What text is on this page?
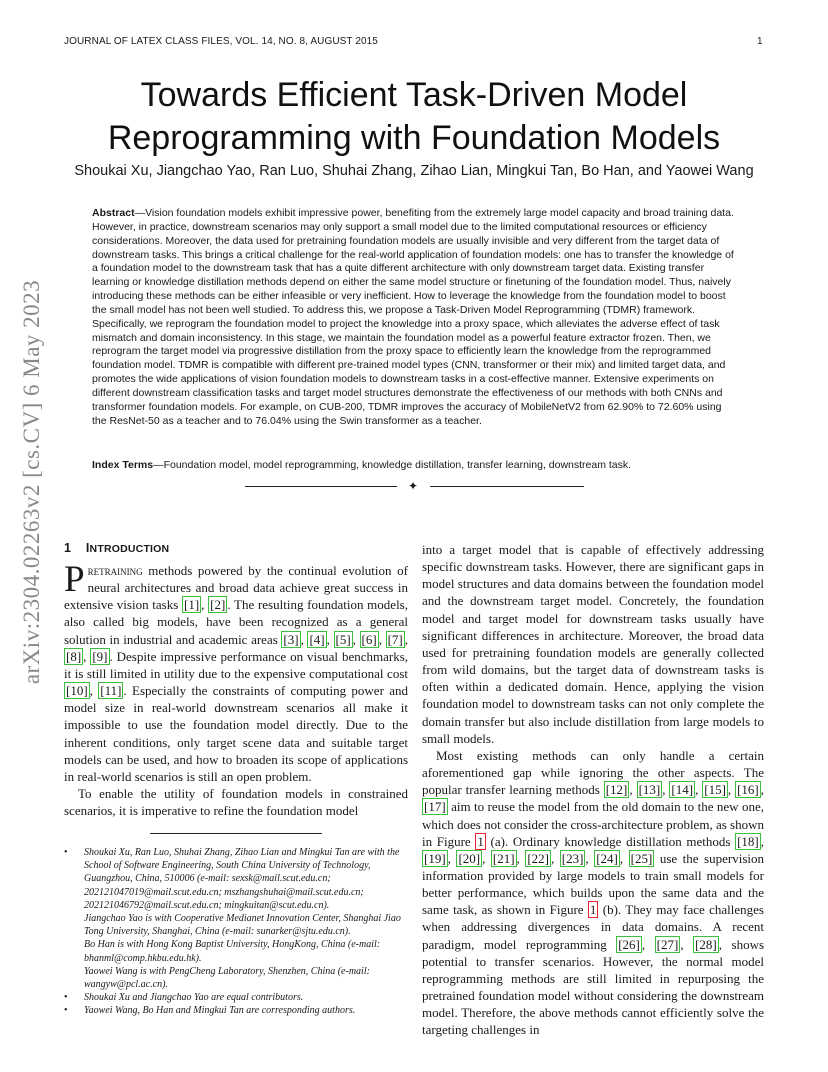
JOURNAL OF LATEX CLASS FILES, VOL. 14, NO. 8, AUGUST 2015	1
arXiv:2304.02263v2 [cs.CV] 6 May 2023
Towards Efficient Task-Driven Model
Reprogramming with Foundation Models
Shoukai Xu, Jiangchao Yao, Ran Luo, Shuhai Zhang, Zihao Lian, Mingkui Tan, Bo Han, and Yaowei Wang
Abstract—Vision foundation models exhibit impressive power, benefiting from the extremely large model capacity and broad training data. However, in practice, downstream scenarios may only support a small model due to the limited computational resources or efficiency considerations. Moreover, the data used for pretraining foundation models are usually invisible and very different from the target data of downstream tasks. This brings a critical challenge for the real-world application of foundation models: one has to transfer the knowledge of a foundation model to the downstream task that has a quite different architecture with only downstream target data. Existing transfer learning or knowledge distillation methods depend on either the same model structure or finetuning of the foundation model. Thus, naively introducing these methods can be either infeasible or very inefficient. How to leverage the knowledge from the foundation model to boost the small model has not been well studied. To address this, we propose a Task-Driven Model Reprogramming (TDMR) framework. Specifically, we reprogram the foundation model to project the knowledge into a proxy space, which alleviates the adverse effect of task mismatch and domain inconsistency. In this stage, we maintain the foundation model as a powerful feature extractor frozen. Then, we reprogram the target model via progressive distillation from the proxy space to efficiently learn the knowledge from the reprogrammed foundation model. TDMR is compatible with different pre-trained model types (CNN, transformer or their mix) and limited target data, and promotes the wide applications of vision foundation models to downstream tasks in a cost-effective manner. Extensive experiments on different downstream classification tasks and target model structures demonstrate the effectiveness of our methods with both CNNs and transformer foundation models. For example, on CUB-200, TDMR improves the accuracy of MobileNetV2 from 62.90% to 72.60% using the ResNet-50 as a teacher and to 76.04% using the Swin transformer as a teacher.
Index Terms—Foundation model, model reprogramming, knowledge distillation, transfer learning, downstream task.
✦
1 INTRODUCTION

Pretraining methods powered by the continual evolution of neural architectures and broad data achieve great success in extensive vision tasks [1] , [2] . The resulting foundation models, also called big models, have been recognized as a general solution in industrial and academic areas [3] , [4] , [5] , [6] , [7] , [8] , [9] . Despite impressive performance on visual benchmarks, it is still limited in utility due to the expensive computational cost [10] , [11] . Especially the constraints of computing power and model size in real-world downstream scenarios all make it impossible to use the foundation model directly. Due to the inherent conditions, only target scene data and suitable target models can be used, and how to broaden its scope of applications in real-world scenarios is still an open problem.

To enable the utility of foundation models in constrained scenarios, it is imperative to refine the foundation model

• Shoukai Xu, Ran Luo, Shuhai Zhang, Zihao Lian and Mingkui Tan are with the School of Software Engineering, South China University of Technology, Guangzhou, China, 510006 (e-mail: sexsk@mail.scut.edu.cn; 202121047019@mail.scut.edu.cn; mszhangshuhai@mail.scut.edu.cn; 202121046792@mail.scut.edu.cn; mingkuitan@scut.edu.cn).

Jiangchao Yao is with Cooperative Medianet Innovation Center, Shanghai Jiao Tong University, Shanghai, China (e-mail: sunarker@sjtu.edu.cn).

Bo Han is with Hong Kong Baptist University, HongKong, China (e-mail: bhanml@comp.hkbu.edu.hk).

Yaowei Wang is with PengCheng Laboratory, Shenzhen, China (e-mail: wangyw@pcl.ac.cn).

• Shoukai Xu and Jiangchao Yao are equal contributors.

• Yaowei Wang, Bo Han and Mingkui Tan are corresponding authors.

into a target model that is capable of effectively addressing specific downstream tasks. However, there are significant gaps in model structures and data domains between the foundation model and the downstream target model. Concretely, the foundation model and target model for downstream tasks usually have significant differences in architecture. Moreover, the broad data used for pretraining foundation models are generally collected from wild domains, but the target data of downstream tasks is often within a dedicated domain. Hence, applying the vision foundation model to downstream tasks can not only complete the domain transfer but also include distillation from large models to small models.

Most existing methods can only handle a certain aforementioned gap while ignoring the other aspects. The popular transfer learning methods [12] , [13] , [14] , [15] , [16] , [17] aim to reuse the model from the old domain to the new one, which does not consider the cross-architecture problem, as shown in Figure 1 (a). Ordinary knowledge distillation methods [18] , [19] , [20] , [21] , [22] , [23] , [24] , [25] use the supervision information provided by large models to train small models for better performance, which builds upon the same data and the same task, as shown in Figure 1 (b). They may face challenges when addressing divergences in data domains. A recent paradigm, model reprogramming [26] , [27] , [28] , shows potential to transfer scenarios. However, the normal model reprogramming methods are still limited in repurposing the pretrained foundation model without considering the downstream model. Therefore, the above methods cannot efficiently solve the targeting challenges in
